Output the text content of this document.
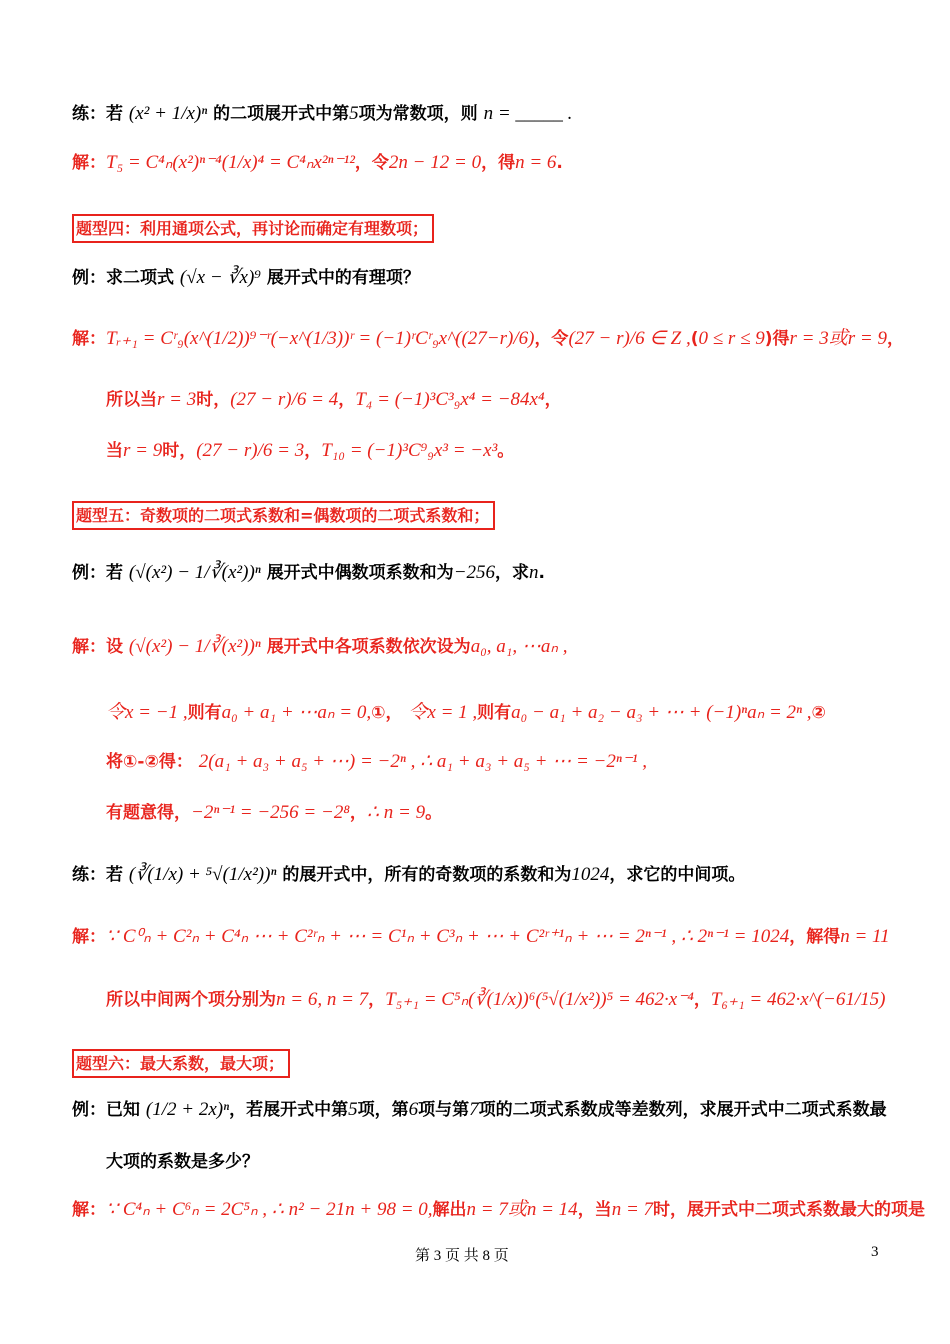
练：若 (x² + 1/x)ⁿ 的二项展开式中第5项为常数项，则 n = _____ .
解：T₅ = C⁴ₙ(x²)ⁿ⁻⁴(1/x)⁴ = C⁴ₙx²ⁿ⁻¹²，令2n − 12 = 0，得n = 6.
题型四：利用通项公式，再讨论而确定有理数项；
例：求二项式 (√x − ∛x)⁹ 展开式中的有理项？
解：Tᵣ₊₁ = Cʳ₉(x^(1/2))⁹⁻ʳ(−x^(1/3))ʳ = (−1)ʳCʳ₉x^((27−r)/6)，令(27 − r)/6 ∈ Z ,(0 ≤ r ≤ 9)得r = 3或r = 9，
所以当r = 3时，(27 − r)/6 = 4，T₄ = (−1)³C³₉x⁴ = −84x⁴，
当r = 9时，(27 − r)/6 = 3，T₁₀ = (−1)³C⁹₉x³ = −x³。
题型五：奇数项的二项式系数和=偶数项的二项式系数和；
例：若 (√(x²) − 1/∛(x²))ⁿ 展开式中偶数项系数和为−256，求n.
解：设 (√(x²) − 1/∛(x²))ⁿ 展开式中各项系数依次设为a₀, a₁, ⋯aₙ ,
令x = −1 ,则有a₀ + a₁ + ⋯aₙ = 0,①， 令x = 1 ,则有a₀ − a₁ + a₂ − a₃ + ⋯ + (−1)ⁿaₙ = 2ⁿ ,②
将①-②得： 2(a₁ + a₃ + a₅ + ⋯) = −2ⁿ , ∴ a₁ + a₃ + a₅ + ⋯ = −2ⁿ⁻¹ ,
有题意得，−2ⁿ⁻¹ = −256 = −2⁸，∴ n = 9。
练：若 (∛(1/x) + ⁵√(1/x²))ⁿ 的展开式中，所有的奇数项的系数和为1024，求它的中间项。
解：∵ C⁰ₙ + C²ₙ + C⁴ₙ ⋯ + C²ʳₙ + ⋯ = C¹ₙ + C³ₙ + ⋯ + C²ʳ⁺¹ₙ + ⋯ = 2ⁿ⁻¹ , ∴ 2ⁿ⁻¹ = 1024，解得n = 11
所以中间两个项分别为n = 6, n = 7，T₅₊₁ = C⁵ₙ(∛(1/x))⁶(⁵√(1/x²))⁵ = 462·x⁻⁴，T₆₊₁ = 462·x^(−61/15)
题型六：最大系数，最大项；
例：已知 (1/2 + 2x)ⁿ，若展开式中第5项，第6项与第7项的二项式系数成等差数列，求展开式中二项式系数最
大项的系数是多少？
解：∵ C⁴ₙ + C⁶ₙ = 2C⁵ₙ , ∴ n² − 21n + 98 = 0,解出n = 7或n = 14，当n = 7时，展开式中二项式系数最大的项是
第 3 页 共 8 页	3
